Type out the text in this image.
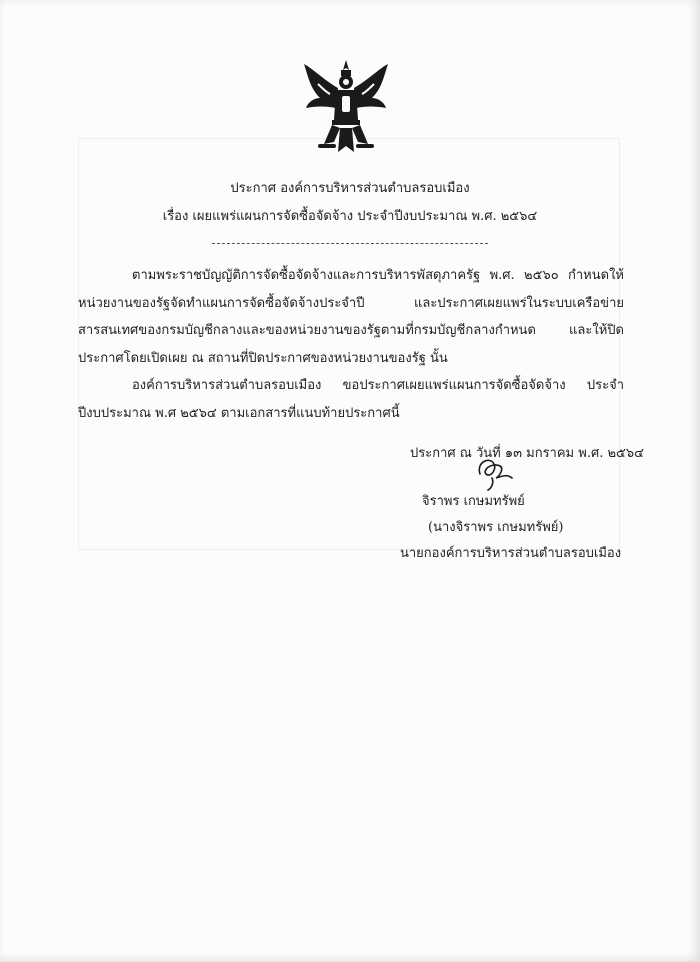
ประกาศ องค์การบริหารส่วนตำบลรอบเมือง
เรื่อง เผยแพร่แผนการจัดซื้อจัดจ้าง ประจำปีงบประมาณ พ.ศ. ๒๕๖๔
ตามพระราชบัญญัติการจัดซื้อจัดจ้างและการบริหารพัสดุภาครัฐ พ.ศ. ๒๕๖๐ กำหนดให้หน่วยงานของรัฐจัดทำแผนการจัดซื้อจัดจ้างประจำปี และประกาศเผยแพร่ในระบบเครือข่ายสารสนเทศของกรมบัญชีกลางและของหน่วยงานของรัฐตามที่กรมบัญชีกลางกำหนด และให้ปิดประกาศโดยเปิดเผย ณ สถานที่ปิดประกาศของหน่วยงานของรัฐ นั้น
องค์การบริหารส่วนตำบลรอบเมือง ขอประกาศเผยแพร่แผนการจัดซื้อจัดจ้าง ประจำปีงบประมาณ พ.ศ ๒๕๖๔ ตามเอกสารที่แนบท้ายประกาศนี้
ประกาศ ณ วันที่ ๑๓ มกราคม พ.ศ. ๒๕๖๔
จิราพร เกษมทรัพย์
(นางจิราพร เกษมทรัพย์)
นายกองค์การบริหารส่วนตำบลรอบเมือง
